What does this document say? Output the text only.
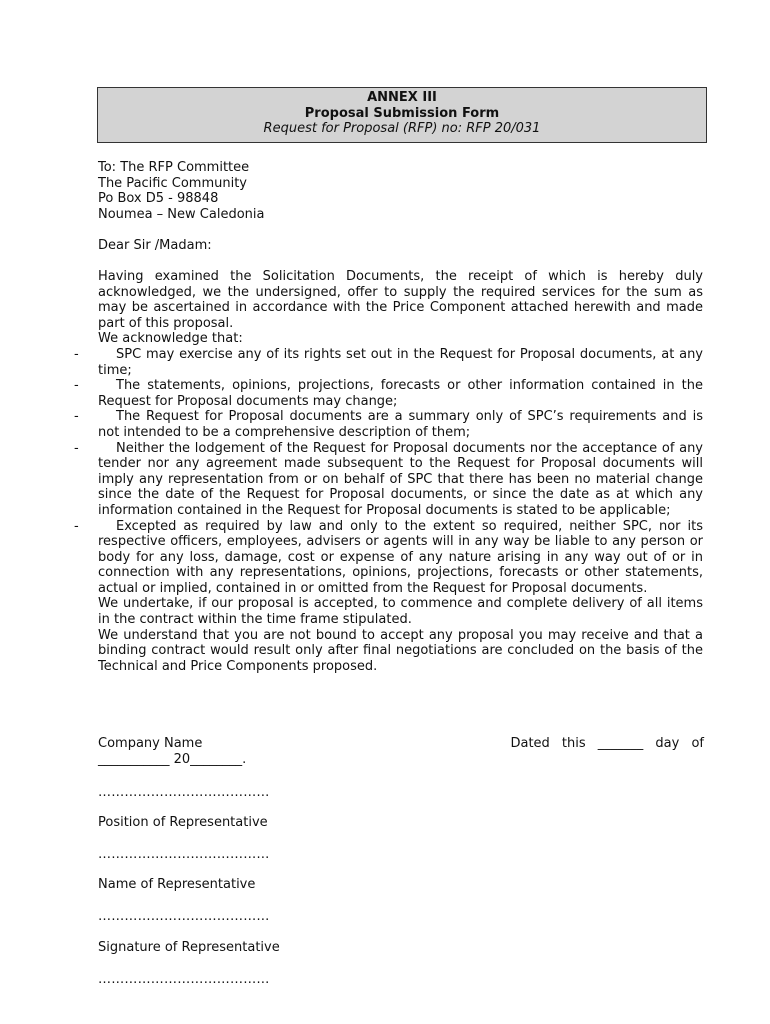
ANNEX III
Proposal Submission Form
Request for Proposal (RFP) no: RFP 20/031
To: The RFP Committee
The Pacific Community
Po Box D5 - 98848
Noumea – New Caledonia
Dear Sir /Madam:

Having examined the Solicitation Documents, the receipt of which is hereby duly acknowledged, we the undersigned, offer to supply the required services for the sum as may be ascertained in accordance with the Price Component attached herewith and made part of this proposal.

We acknowledge that:

-	SPC may exercise any of its rights set out in the Request for Proposal documents, at any time;
-	The statements, opinions, projections, forecasts or other information contained in the Request for Proposal documents may change;
-	The Request for Proposal documents are a summary only of SPC’s requirements and is not intended to be a comprehensive description of them;
-	Neither the lodgement of the Request for Proposal documents nor the acceptance of any tender nor any agreement made subsequent to the Request for Proposal documents will imply any representation from or on behalf of SPC that there has been no material change since the date of the Request for Proposal documents, or since the date as at which any information contained in the Request for Proposal documents is stated to be applicable;
-	Excepted as required by law and only to the extent so required, neither SPC, nor its respective officers, employees, advisers or agents will in any way be liable to any person or body for any loss, damage, cost or expense of any nature arising in any way out of or in connection with any representations, opinions, projections, forecasts or other statements, actual or implied, contained in or omitted from the Request for Proposal documents.

We undertake, if our proposal is accepted, to commence and complete delivery of all items in the contract within the time frame stipulated.

We understand that you are not bound to accept any proposal you may receive and that a binding contract would result only after final negotiations are concluded on the basis of the Technical and Price Components proposed.

Company Name	Dated this _______ day of
___________ 20________.
…………………………………
Position of Representative
…………………………………
Name of Representative
…………………………………
Signature of Representative
…………………………………
